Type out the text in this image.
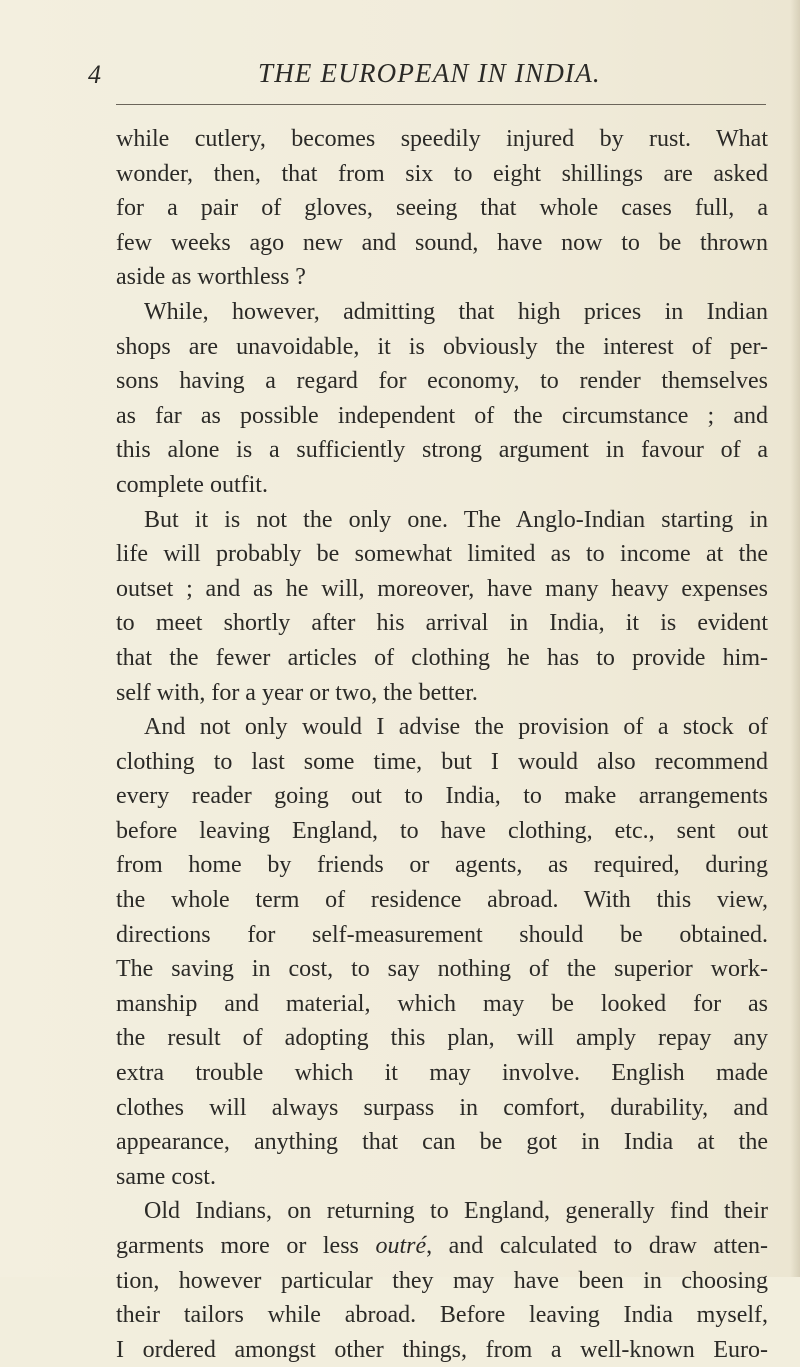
4	THE EUROPEAN IN INDIA.
while cutlery, becomes speedily injured by rust. What
wonder, then, that from six to eight shillings are asked
for a pair of gloves, seeing that whole cases full, a
few weeks ago new and sound, have now to be thrown
aside as worthless ?
While, however, admitting that high prices in Indian
shops are unavoidable, it is obviously the interest of per-
sons having a regard for economy, to render themselves
as far as possible independent of the circumstance ; and
this alone is a sufficiently strong argument in favour of a
complete outfit.
But it is not the only one. The Anglo-Indian starting in
life will probably be somewhat limited as to income at the
outset ; and as he will, moreover, have many heavy expenses
to meet shortly after his arrival in India, it is evident
that the fewer articles of clothing he has to provide him-
self with, for a year or two, the better.
And not only would I advise the provision of a stock of
clothing to last some time, but I would also recommend
every reader going out to India, to make arrangements
before leaving England, to have clothing, etc., sent out
from home by friends or agents, as required, during
the whole term of residence abroad. With this view,
directions for self-measurement should be obtained.
The saving in cost, to say nothing of the superior work-
manship and material, which may be looked for as
the result of adopting this plan, will amply repay any
extra trouble which it may involve. English made
clothes will always surpass in comfort, durability, and
appearance, anything that can be got in India at the
same cost.
Old Indians, on returning to England, generally find their
garments more or less outré, and calculated to draw atten-
tion, however particular they may have been in choosing
their tailors while abroad. Before leaving India myself,
I ordered amongst other things, from a well-known Euro-
